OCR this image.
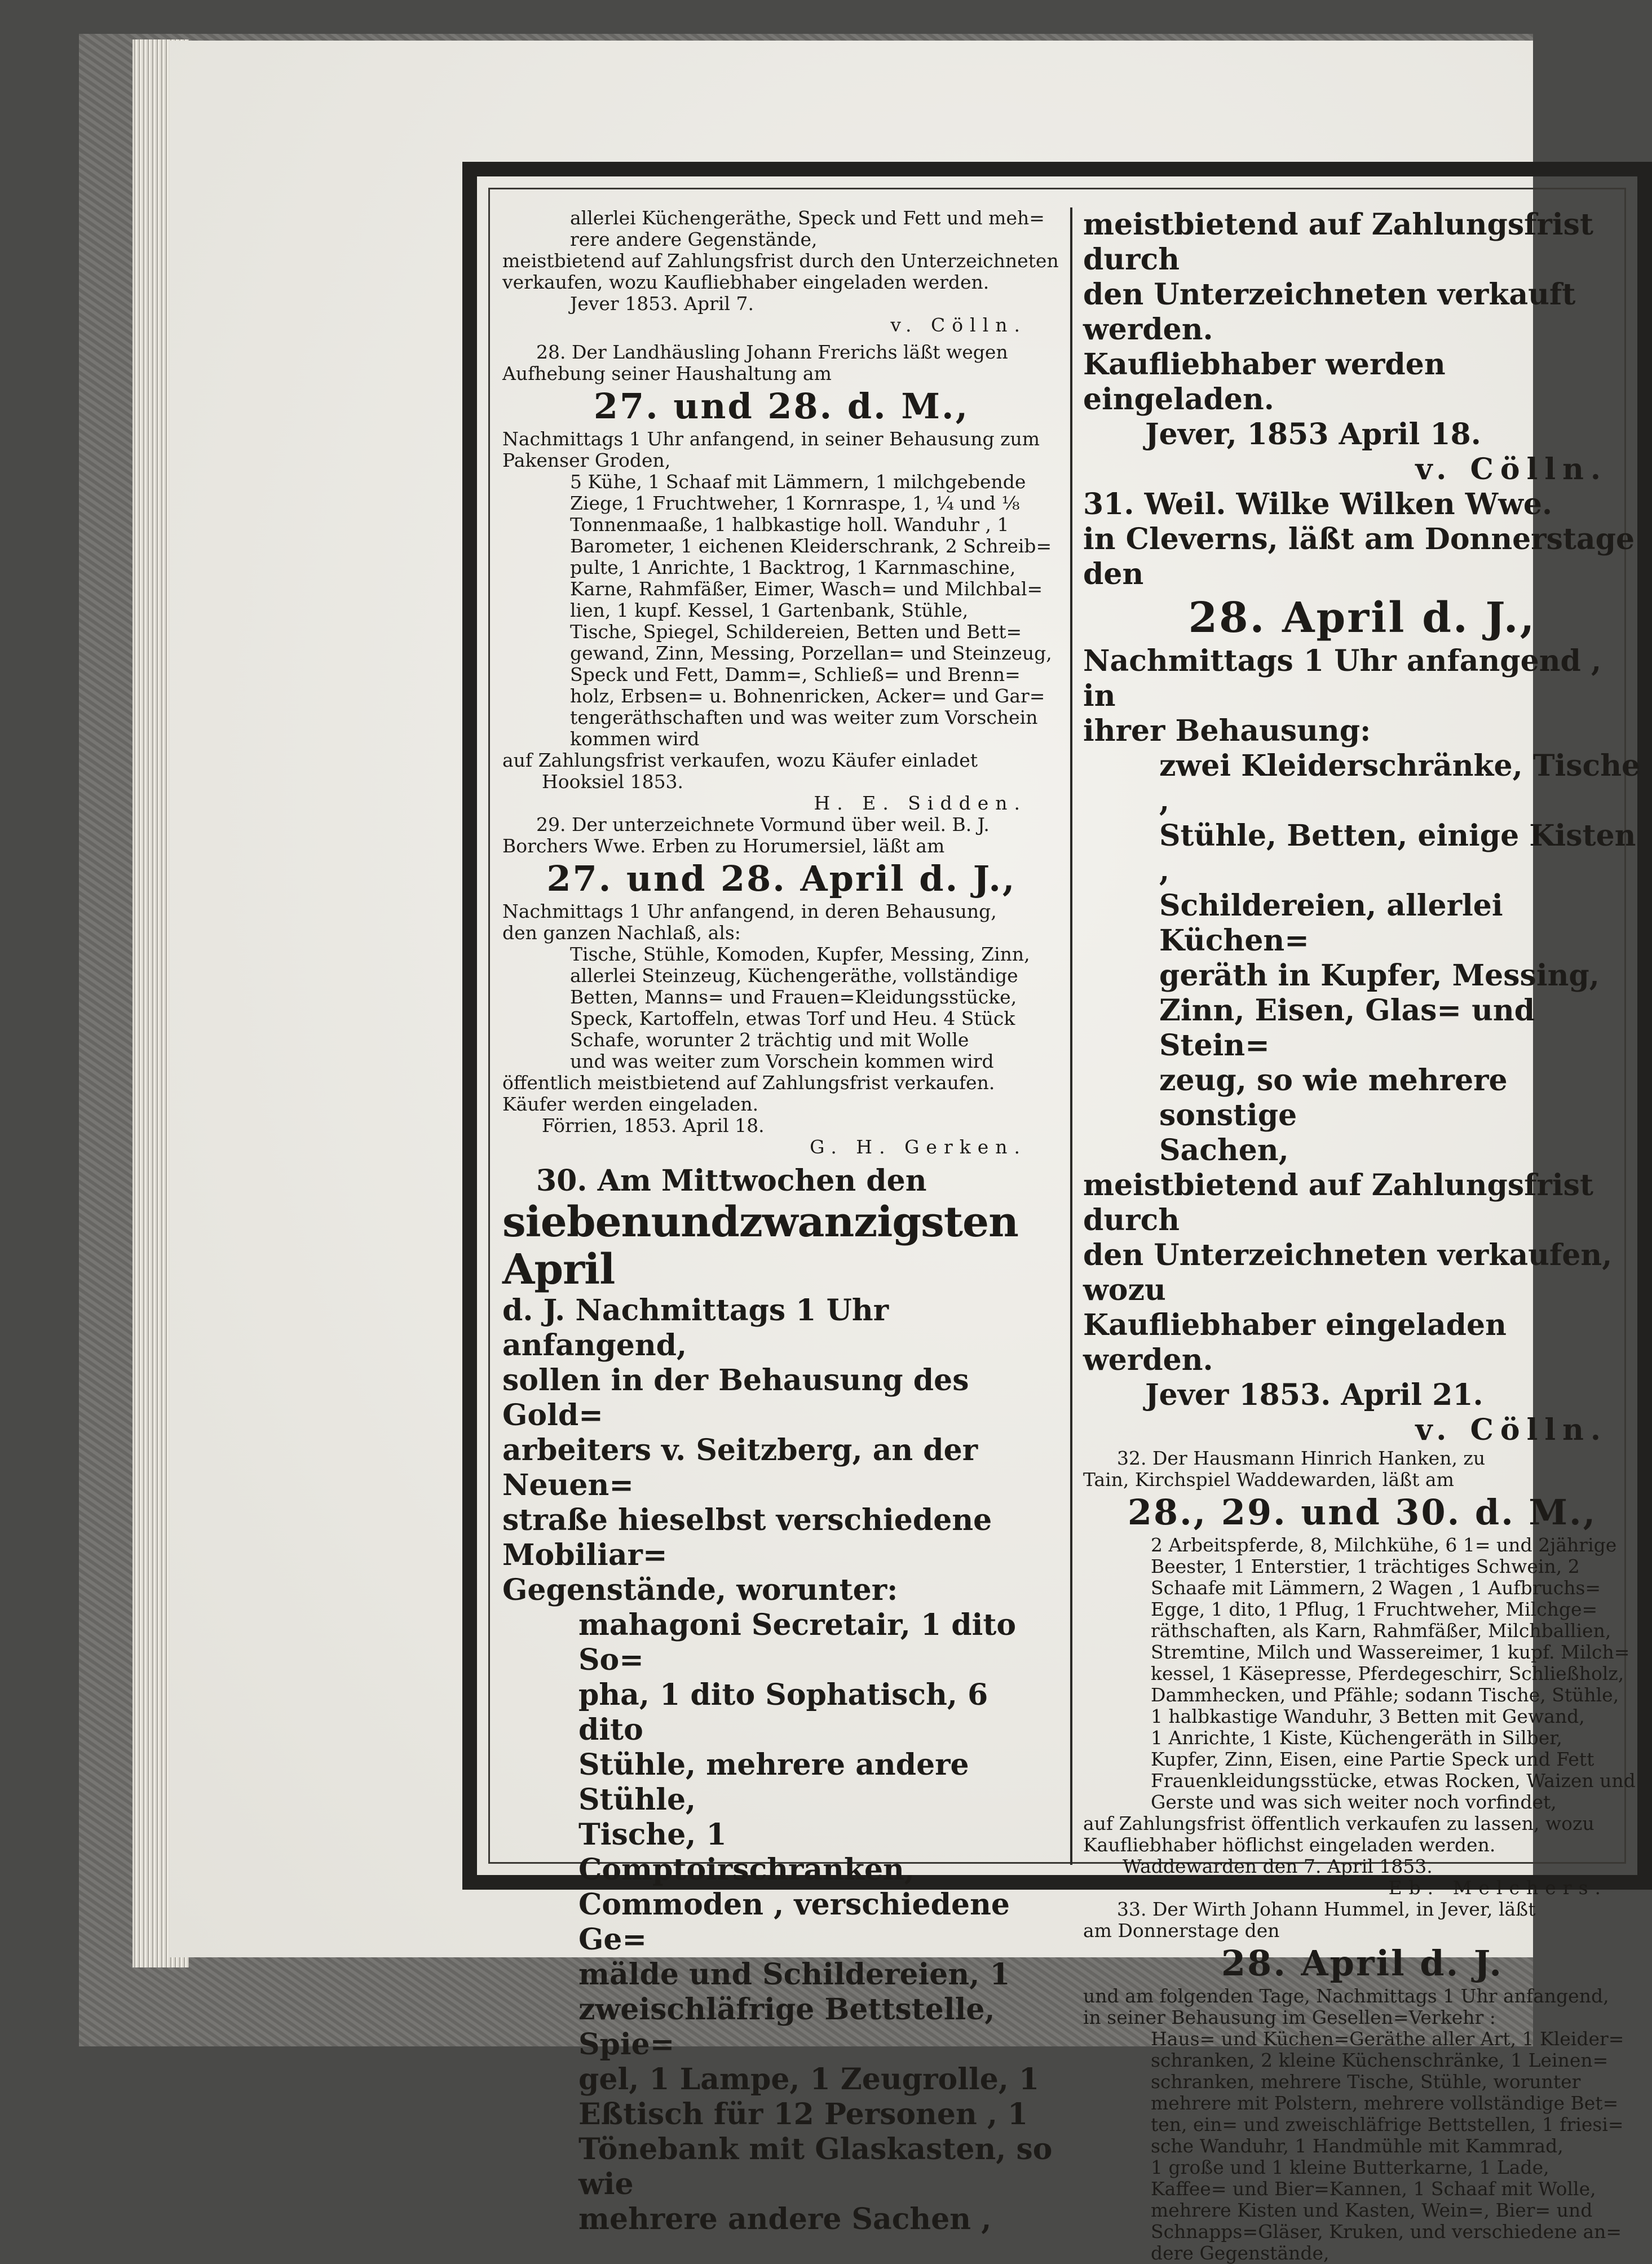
allerlei Küchengeräthe, Speck und Fett und meh=
rere andere Gegenstände,

meistbietend auf Zahlungsfrist durch den Unterzeichneten
verkaufen, wozu Kaufliebhaber eingeladen werden.

Jever 1853. April 7.

v. Cölln.

28. Der Landhäusling Johann Frerichs läßt wegen
Aufhebung seiner Haushaltung am

27. und 28. d. M.,

Nachmittags 1 Uhr anfangend, in seiner Behausung zum
Pakenser Groden,

5 Kühe, 1 Schaaf mit Lämmern, 1 milchgebende
Ziege, 1 Fruchtweher, 1 Kornraspe, 1, ¼ und ⅛
Tonnenmaaße, 1 halbkastige holl. Wanduhr , 1
Barometer, 1 eichenen Kleiderschrank, 2 Schreib=
pulte, 1 Anrichte, 1 Backtrog, 1 Karnmaschine,
Karne, Rahmfäßer, Eimer, Wasch= und Milchbal=
lien, 1 kupf. Kessel, 1 Gartenbank, Stühle,
Tische, Spiegel, Schildereien, Betten und Bett=
gewand, Zinn, Messing, Porzellan= und Steinzeug,
Speck und Fett, Damm=, Schließ= und Brenn=
holz, Erbsen= u. Bohnenricken, Acker= und Gar=
tengeräthschaften und was weiter zum Vorschein
kommen wird

auf Zahlungsfrist verkaufen, wozu Käufer einladet

Hooksiel 1853.

H. E. Sidden.

29. Der unterzeichnete Vormund über weil. B. J.
Borchers Wwe. Erben zu Horumersiel, läßt am

27. und 28. April d. J.,

Nachmittags 1 Uhr anfangend, in deren Behausung,
den ganzen Nachlaß, als:

Tische, Stühle, Komoden, Kupfer, Messing, Zinn,
allerlei Steinzeug, Küchengeräthe, vollständige
Betten, Manns= und Frauen=Kleidungsstücke,
Speck, Kartoffeln, etwas Torf und Heu. 4 Stück
Schafe, worunter 2 trächtig und mit Wolle
und was weiter zum Vorschein kommen wird

öffentlich meistbietend auf Zahlungsfrist verkaufen.
Käufer werden eingeladen.

Förrien, 1853. April 18.

G. H. Gerken.

30. Am Mittwochen den

siebenundzwanzigsten April

d. J. Nachmittags 1 Uhr anfangend,
sollen in der Behausung des Gold=
arbeiters v. Seitzberg, an der Neuen=
straße hieselbst verschiedene Mobiliar=
Gegenstände, worunter:

mahagoni Secretair, 1 dito So=
pha, 1 dito Sophatisch, 6 dito
Stühle, mehrere andere Stühle,
Tische, 1 Comptoirschranken,
Commoden , verschiedene Ge=
mälde und Schildereien, 1
zweischläfrige Bettstelle, Spie=
gel, 1 Lampe, 1 Zeugrolle, 1
Eßtisch für 12 Personen , 1
Tönebank mit Glaskasten, so wie
mehrere andere Sachen ,

meistbietend auf Zahlungsfrist durch
den Unterzeichneten verkauft werden.
Kaufliebhaber werden eingeladen.

Jever, 1853 April 18.

v. Cölln.

31. Weil. Wilke Wilken Wwe.
in Cleverns, läßt am Donnerstage
den

28. April d. J.,

Nachmittags 1 Uhr anfangend , in
ihrer Behausung:

zwei Kleiderschränke, Tische ,
Stühle, Betten, einige Kisten ,
Schildereien, allerlei Küchen=
geräth in Kupfer, Messing,
Zinn, Eisen, Glas= und Stein=
zeug, so wie mehrere sonstige
Sachen,

meistbietend auf Zahlungsfrist durch
den Unterzeichneten verkaufen, wozu
Kaufliebhaber eingeladen werden.

Jever 1853. April 21.

v. Cölln.

32. Der Hausmann Hinrich Hanken, zu
Tain, Kirchspiel Waddewarden, läßt am

28., 29. und 30. d. M.,

2 Arbeitspferde, 8, Milchkühe, 6 1= und 2jährige
Beester, 1 Enterstier, 1 trächtiges Schwein, 2
Schaafe mit Lämmern, 2 Wagen , 1 Aufbruchs=
Egge, 1 dito, 1 Pflug, 1 Fruchtweher, Milchge=
räthschaften, als Karn, Rahmfäßer, Milchballien,
Stremtine, Milch und Wassereimer, 1 kupf. Milch=
kessel, 1 Käsepresse, Pferdegeschirr, Schließholz,
Dammhecken, und Pfähle; sodann Tische, Stühle,
1 halbkastige Wanduhr, 3 Betten mit Gewand,
1 Anrichte, 1 Kiste, Küchengeräth in Silber,
Kupfer, Zinn, Eisen, eine Partie Speck und Fett
Frauenkleidungsstücke, etwas Rocken, Waizen und
Gerste und was sich weiter noch vorfindet,

auf Zahlungsfrist öffentlich verkaufen zu lassen, wozu
Kaufliebhaber höflichst eingeladen werden.

Waddewarden den 7. April 1853.

Eb. Melchers.

33. Der Wirth Johann Hummel, in Jever, läßt
am Donnerstage den

28. April d. J.

und am folgenden Tage, Nachmittags 1 Uhr anfangend,
in seiner Behausung im Gesellen=Verkehr :

Haus= und Küchen=Geräthe aller Art, 1 Kleider=
schranken, 2 kleine Küchenschränke, 1 Leinen=
schranken, mehrere Tische, Stühle, worunter
mehrere mit Polstern, mehrere vollständige Bet=
ten, ein= und zweischläfrige Bettstellen, 1 friesi=
sche Wanduhr, 1 Handmühle mit Kammrad,
1 große und 1 kleine Butterkarne, 1 Lade,
Kaffee= und Bier=Kannen, 1 Schaaf mit Wolle,
mehrere Kisten und Kasten, Wein=, Bier= und
Schnapps=Gläser, Kruken, und verschiedene an=
dere Gegenstände,
